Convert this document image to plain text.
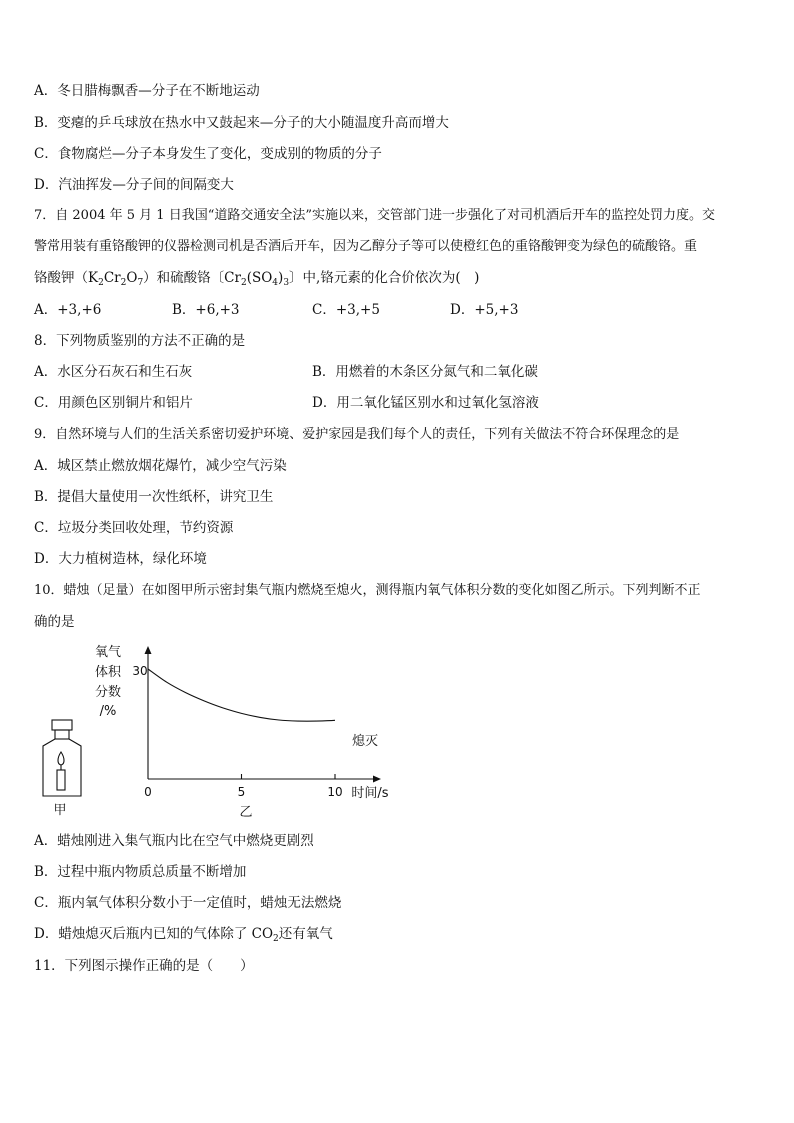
A．冬日腊梅飘香—分子在不断地运动
B．变瘪的乒乓球放在热水中又鼓起来—分子的大小随温度升高而增大
C．食物腐烂—分子本身发生了变化，变成别的物质的分子
D．汽油挥发—分子间的间隔变大
7．自 2004 年 5 月 1 日我国“道路交通安全法”实施以来，交管部门进一步强化了对司机酒后开车的监控处罚力度。交
警常用装有重铬酸钾的仪器检测司机是否酒后开车，因为乙醇分子等可以使橙红色的重铬酸钾变为绿色的硫酸铬。重
铬酸钾$(K_2Cr_2O_7)$和硫酸铬〔$Cr_2(SO_4)_3$〕中,铬元素的化合价依次为(　)
A．+3,+6	B．+6,+3	C．+3,+5	D．+5,+3
8．下列物质鉴别的方法不正确的是
A．水区分石灰石和生石灰	B．用燃着的木条区分氮气和二氧化碳
C．用颜色区别铜片和铝片	D．用二氧化锰区别水和过氧化氢溶液
9．自然环境与人们的生活关系密切爱护环境、爱护家园是我们每个人的责任，下列有关做法不符合环保理念的是
A．城区禁止燃放烟花爆竹，减少空气污染
B．提倡大量使用一次性纸杯，讲究卫生
C．垃圾分类回收处理，节约资源
D．大力植树造林，绿化环境
10．蜡烛（足量）在如图甲所示密封集气瓶内燃烧至熄火，测得瓶内氧气体积分数的变化如图乙所示。下列判断不正
确的是
甲
氧气
体积
分数
/%
30
0	5	10 时间/s
乙
熄灭
A．蜡烛刚进入集气瓶内比在空气中燃烧更剧烈
B．过程中瓶内物质总质量不断增加
C．瓶内氧气体积分数小于一定值时，蜡烛无法燃烧
D．蜡烛熄灭后瓶内已知的气体除了 $CO_2$还有氧气
11．下列图示操作正确的是（　　）
